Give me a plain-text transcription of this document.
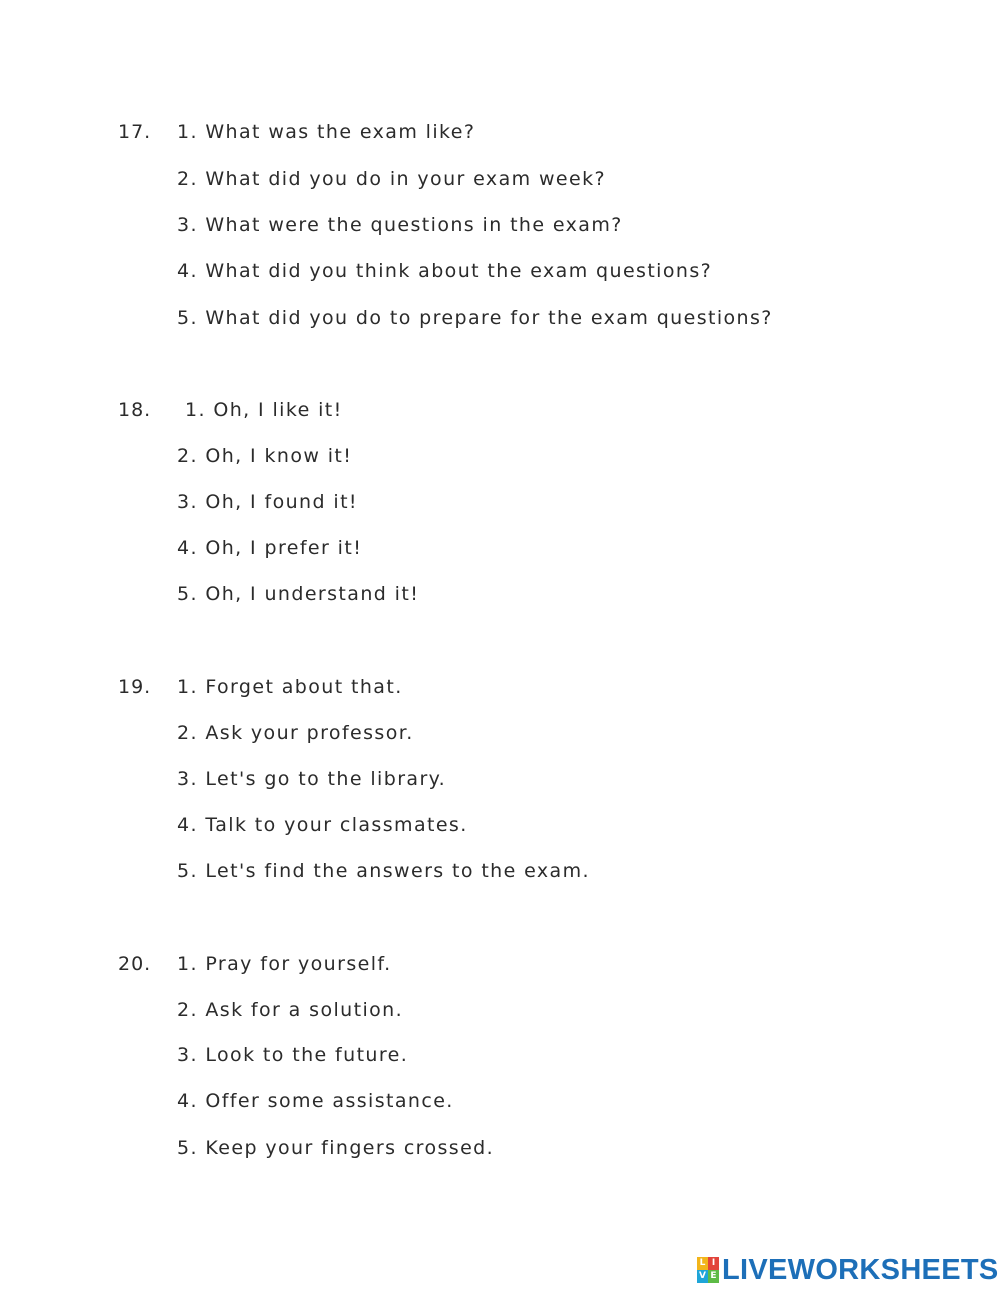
17. 1. What was the exam like?
2. What did you do in your exam week?
3. What were the questions in the exam?
4. What did you think about the exam questions?
5. What did you do to prepare for the exam questions?
18. 1. Oh, I like it!
2. Oh, I know it!
3. Oh, I found it!
4. Oh, I prefer it!
5. Oh, I understand it!
19. 1. Forget about that.
2. Ask your professor.
3. Let's go to the library.
4. Talk to your classmates.
5. Let's find the answers to the exam.
20. 1. Pray for yourself.
2. Ask for a solution.
3. Look to the future.
4. Offer some assistance.
5. Keep your fingers crossed.
L I
V E LIVEWORKSHEETS
